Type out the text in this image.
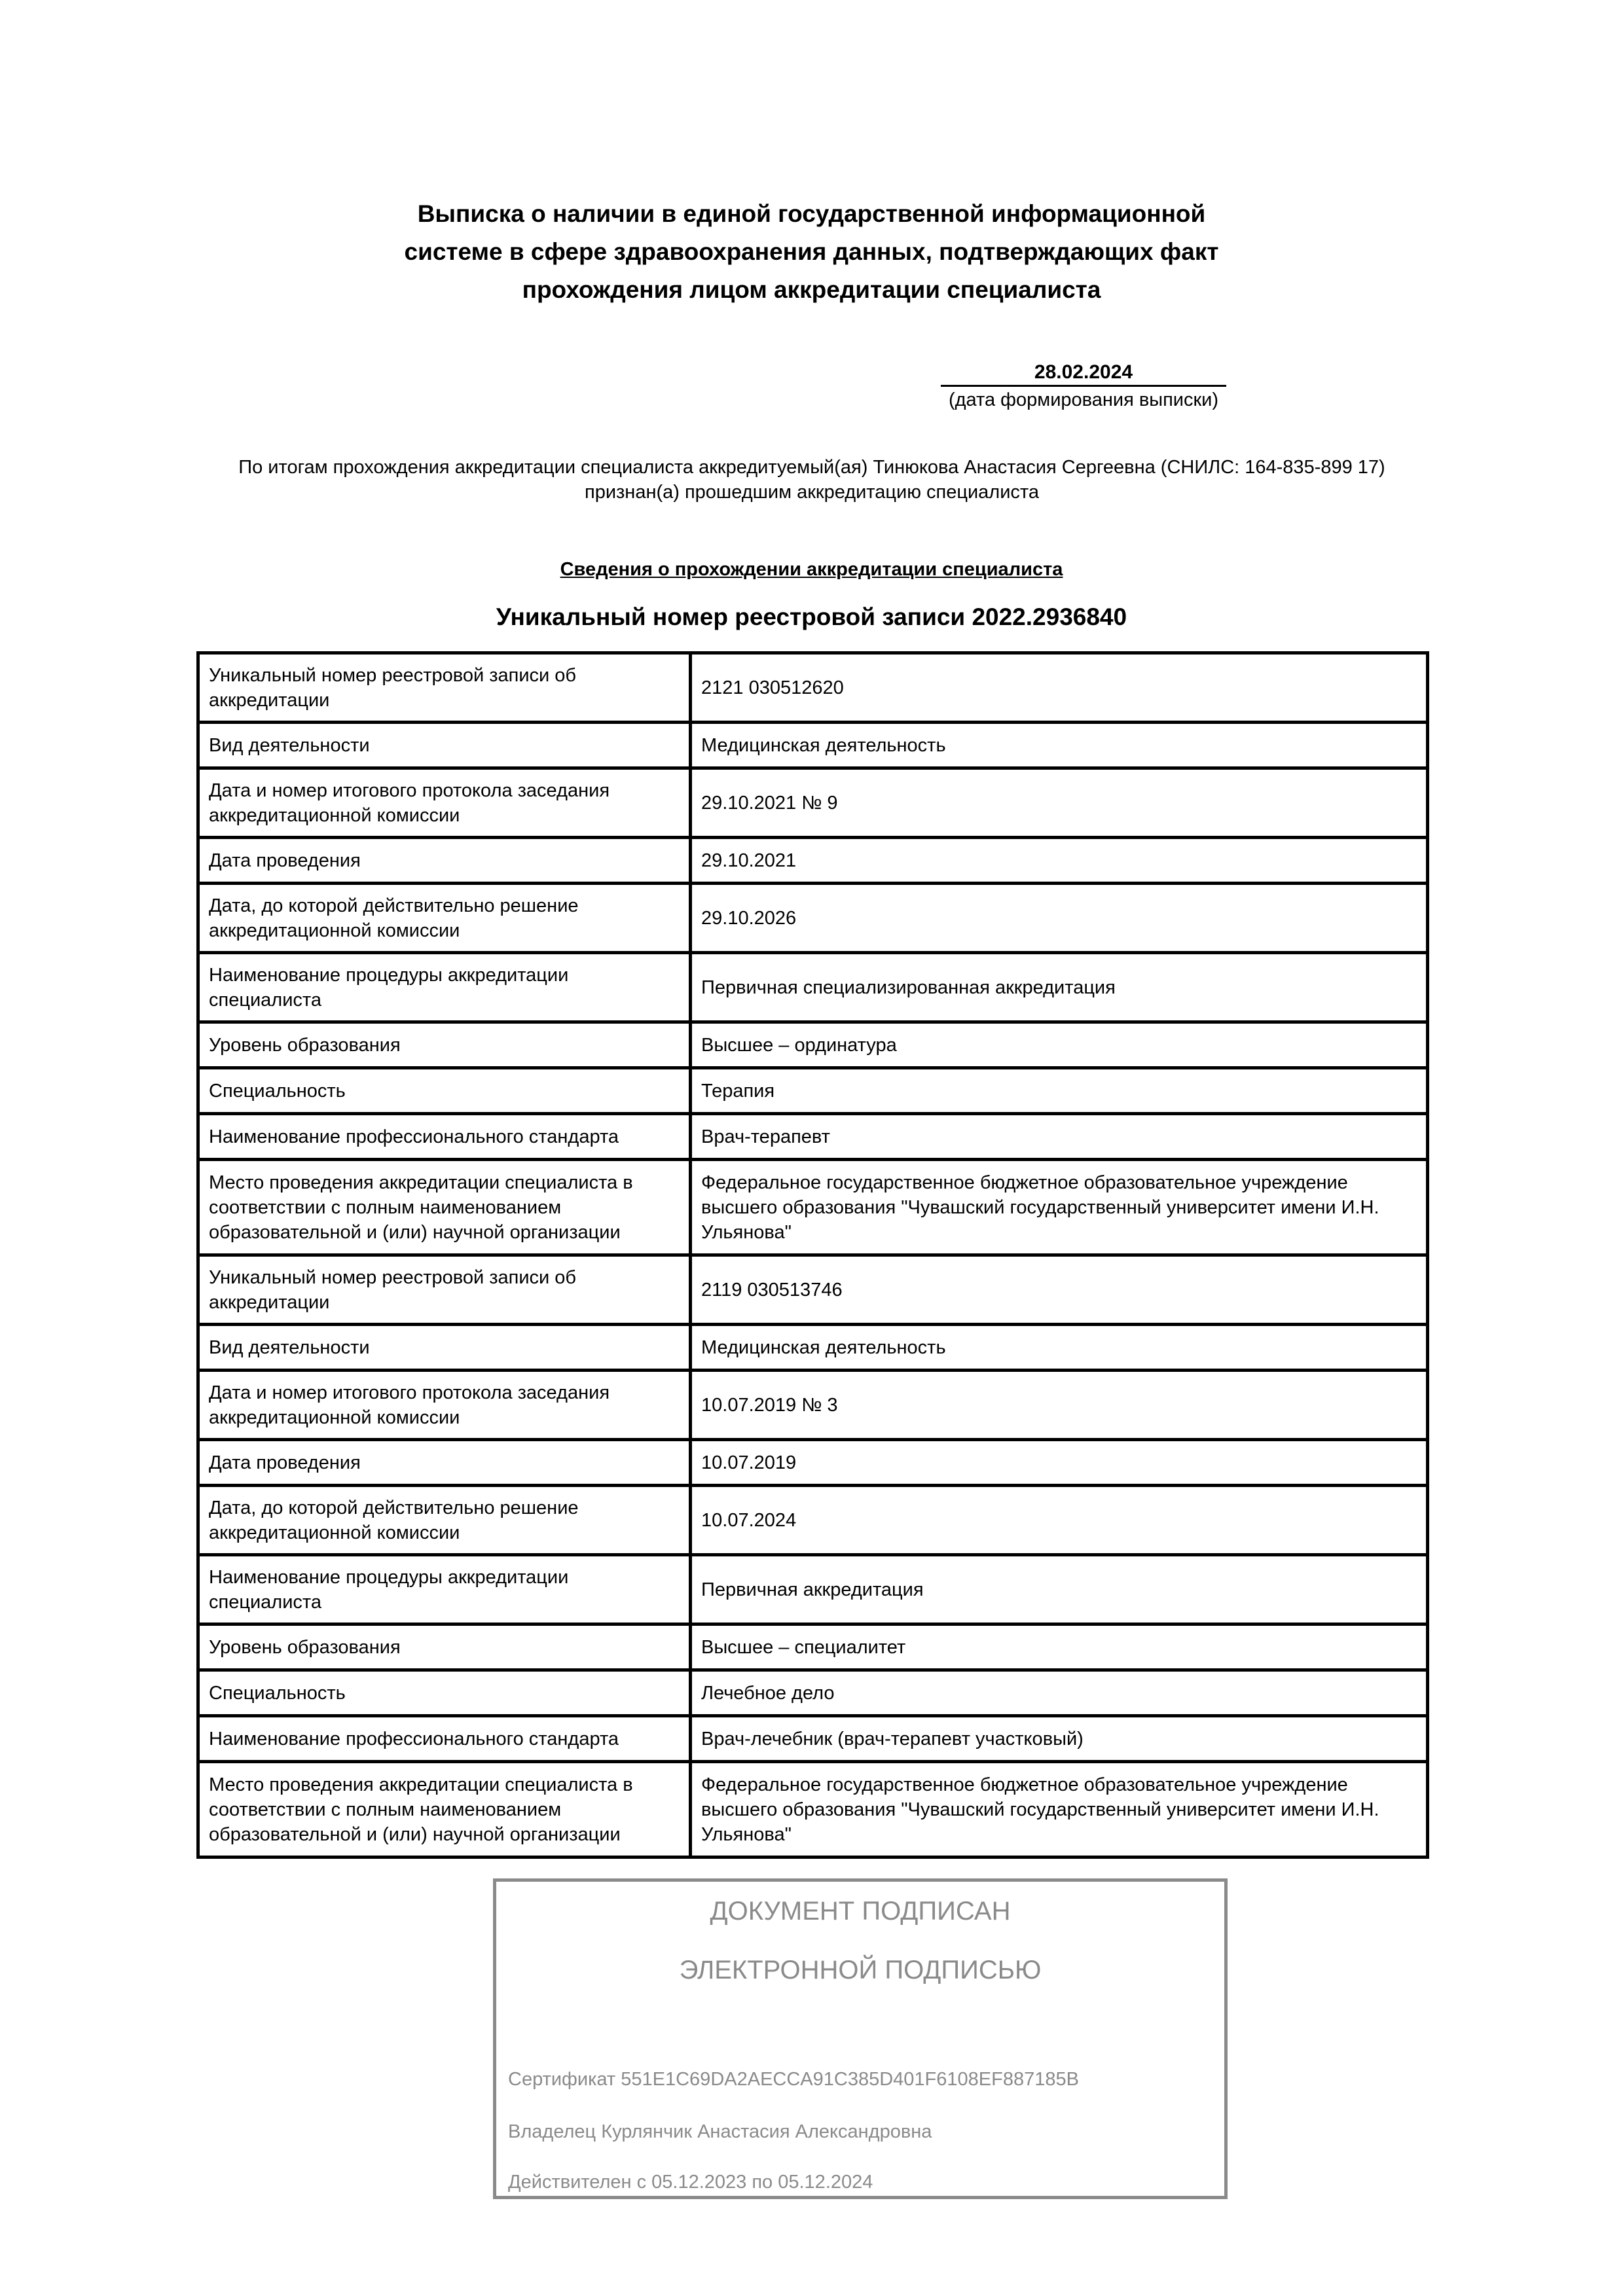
Выписка о наличии в единой государственной информационной
системе в сфере здравоохранения данных, подтверждающих факт
прохождения лицом аккредитации специалиста
28.02.2024
(дата формирования выписки)
По итогам прохождения аккредитации специалиста аккредитуемый(ая) Тинюкова Анастасия Сергеевна (СНИЛС: 164-835-899 17) признан(а) прошедшим аккредитацию специалиста
Сведения о прохождении аккредитации специалиста
Уникальный номер реестровой записи 2022.2936840
Уникальный номер реестровой записи об аккредитации	2121 030512620
Вид деятельности	Медицинская деятельность
Дата и номер итогового протокола заседания аккредитационной комиссии	29.10.2021 № 9
Дата проведения	29.10.2021
Дата, до которой действительно решение аккредитационной комиссии	29.10.2026
Наименование процедуры аккредитации специалиста	Первичная специализированная аккредитация
Уровень образования	Высшее – ординатура
Специальность	Терапия
Наименование профессионального стандарта	Врач-терапевт
Место проведения аккредитации специалиста в соответствии с полным наименованием образовательной и (или) научной организации	Федеральное государственное бюджетное образовательное учреждение высшего образования "Чувашский государственный университет имени И.Н. Ульянова"
Уникальный номер реестровой записи об аккредитации	2119 030513746
Вид деятельности	Медицинская деятельность
Дата и номер итогового протокола заседания аккредитационной комиссии	10.07.2019 № 3
Дата проведения	10.07.2019
Дата, до которой действительно решение аккредитационной комиссии	10.07.2024
Наименование процедуры аккредитации специалиста	Первичная аккредитация
Уровень образования	Высшее – специалитет
Специальность	Лечебное дело
Наименование профессионального стандарта	Врач-лечебник (врач-терапевт участковый)
Место проведения аккредитации специалиста в соответствии с полным наименованием образовательной и (или) научной организации	Федеральное государственное бюджетное образовательное учреждение высшего образования "Чувашский государственный университет имени И.Н. Ульянова"
ДОКУМЕНТ ПОДПИСАН
ЭЛЕКТРОННОЙ ПОДПИСЬЮ
Сертификат 551E1C69DA2AECCA91C385D401F6108EF887185B
Владелец Курлянчик Анастасия Александровна
Действителен с 05.12.2023 по 05.12.2024
